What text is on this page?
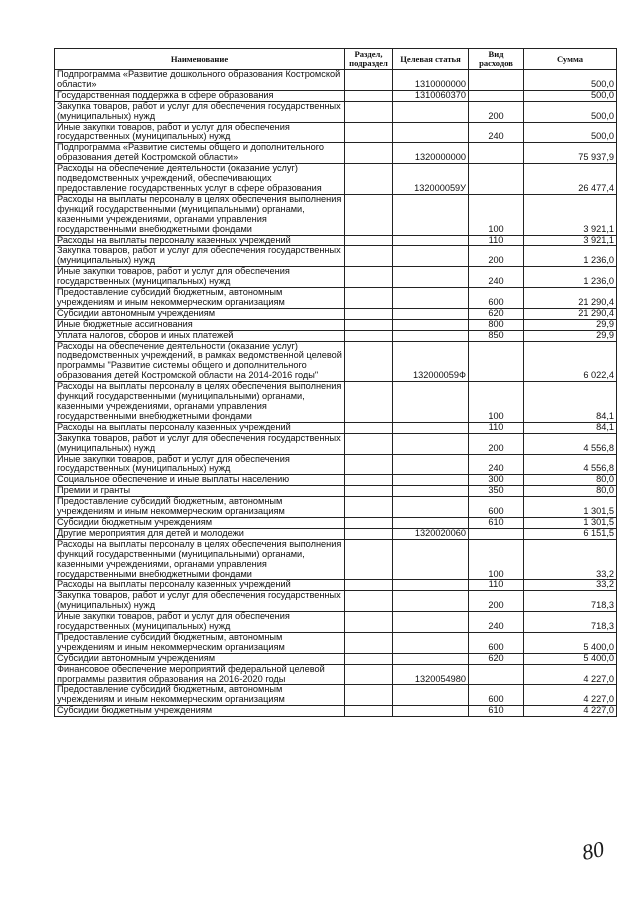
Наименование	Раздел, подраздел	Целевая статья	Вид расходов	Сумма
Подпрограмма «Развитие дошкольного образования Костромской области»		1310000000		500,0
Государственная поддержка в сфере образования		1310060370		500,0
Закупка товаров, работ и услуг для обеспечения государственных (муниципальных) нужд			200	500,0
Иные закупки товаров, работ и услуг для обеспечения государственных (муниципальных) нужд			240	500,0
Подпрограмма «Развитие системы общего и дополнительного образования детей Костромской области»		1320000000		75 937,9
Расходы на обеспечение деятельности (оказание услуг) подведомственных учреждений, обеспечивающих предоставление государственных услуг в сфере образования		132000059У		26 477,4
Расходы на выплаты персоналу в целях обеспечения выполнения функций государственными (муниципальными) органами, казенными учреждениями, органами управления государственными внебюджетными фондами			100	3 921,1
Расходы на выплаты персоналу казенных учреждений			110	3 921,1
Закупка товаров, работ и услуг для обеспечения государственных (муниципальных) нужд			200	1 236,0
Иные закупки товаров, работ и услуг для обеспечения государственных (муниципальных) нужд			240	1 236,0
Предоставление субсидий бюджетным, автономным учреждениям и иным некоммерческим организациям			600	21 290,4
Субсидии автономным учреждениям			620	21 290,4
Иные бюджетные ассигнования			800	29,9
Уплата налогов, сборов и иных платежей			850	29,9
Расходы на обеспечение деятельности (оказание услуг) подведомственных учреждений, в рамках ведомственной целевой программы "Развитие системы общего и дополнительного образования детей Костромской области на 2014-2016 годы"		132000059Ф		6 022,4
Расходы на выплаты персоналу в целях обеспечения выполнения функций государственными (муниципальными) органами, казенными учреждениями, органами управления государственными внебюджетными фондами			100	84,1
Расходы на выплаты персоналу казенных учреждений			110	84,1
Закупка товаров, работ и услуг для обеспечения государственных (муниципальных) нужд			200	4 556,8
Иные закупки товаров, работ и услуг для обеспечения государственных (муниципальных) нужд			240	4 556,8
Социальное обеспечение и иные выплаты населению			300	80,0
Премии и гранты			350	80,0
Предоставление субсидий бюджетным, автономным учреждениям и иным некоммерческим организациям			600	1 301,5
Субсидии бюджетным учреждениям			610	1 301,5
Другие мероприятия для детей и молодежи		1320020060		6 151,5
Расходы на выплаты персоналу в целях обеспечения выполнения функций государственными (муниципальными) органами, казенными учреждениями, органами управления государственными внебюджетными фондами			100	33,2
Расходы на выплаты персоналу казенных учреждений			110	33,2
Закупка товаров, работ и услуг для обеспечения государственных (муниципальных) нужд			200	718,3
Иные закупки товаров, работ и услуг для обеспечения государственных (муниципальных) нужд			240	718,3
Предоставление субсидий бюджетным, автономным учреждениям и иным некоммерческим организациям			600	5 400,0
Субсидии автономным учреждениям			620	5 400,0
Финансовое обеспечение мероприятий федеральной целевой программы развития образования на 2016-2020 годы		1320054980		4 227,0
Предоставление субсидий бюджетным, автономным учреждениям и иным некоммерческим организациям			600	4 227,0
Субсидии бюджетным учреждениям			610	4 227,0
80
